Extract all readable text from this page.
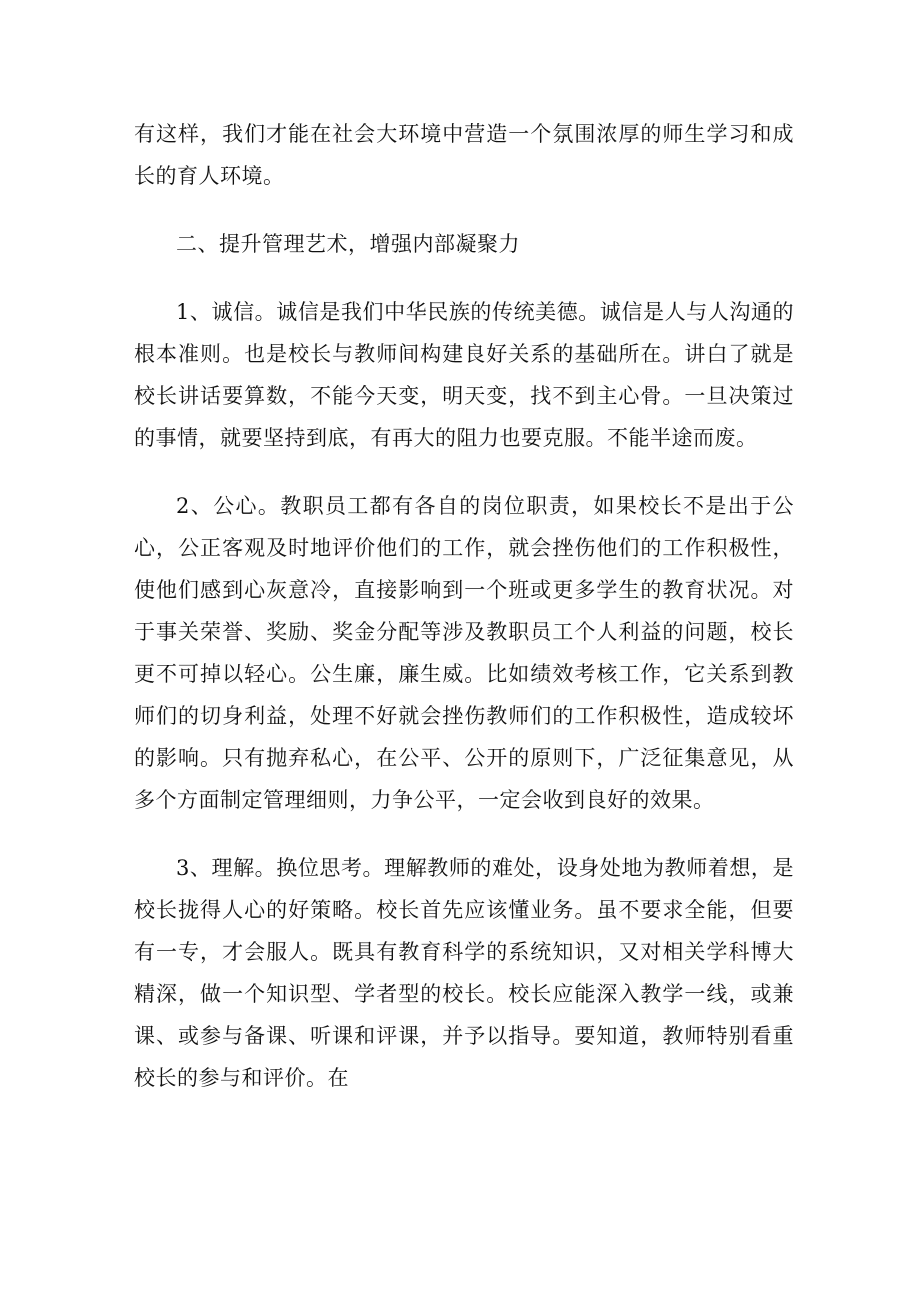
有这样，我们才能在社会大环境中营造一个氛围浓厚的师生学习和成长的育人环境。

二、提升管理艺术，增强内部凝聚力

1、诚信。诚信是我们中华民族的传统美德。诚信是人与人沟通的根本准则。也是校长与教师间构建良好关系的基础所在。讲白了就是校长讲话要算数，不能今天变，明天变，找不到主心骨。一旦决策过的事情，就要坚持到底，有再大的阻力也要克服。不能半途而废。

2、公心。教职员工都有各自的岗位职责，如果校长不是出于公心，公正客观及时地评价他们的工作，就会挫伤他们的工作积极性，使他们感到心灰意冷，直接影响到一个班或更多学生的教育状况。对于事关荣誉、奖励、奖金分配等涉及教职员工个人利益的问题，校长更不可掉以轻心。公生廉，廉生威。比如绩效考核工作，它关系到教师们的切身利益，处理不好就会挫伤教师们的工作积极性，造成较坏的影响。只有抛弃私心，在公平、公开的原则下，广泛征集意见，从多个方面制定管理细则，力争公平，一定会收到良好的效果。

3、理解。换位思考。理解教师的难处，设身处地为教师着想，是校长拢得人心的好策略。校长首先应该懂业务。虽不要求全能，但要有一专，才会服人。既具有教育科学的系统知识，又对相关学科博大精深，做一个知识型、学者型的校长。校长应能深入教学一线，或兼课、或参与备课、听课和评课，并予以指导。要知道，教师特别看重校长的参与和评价。在
